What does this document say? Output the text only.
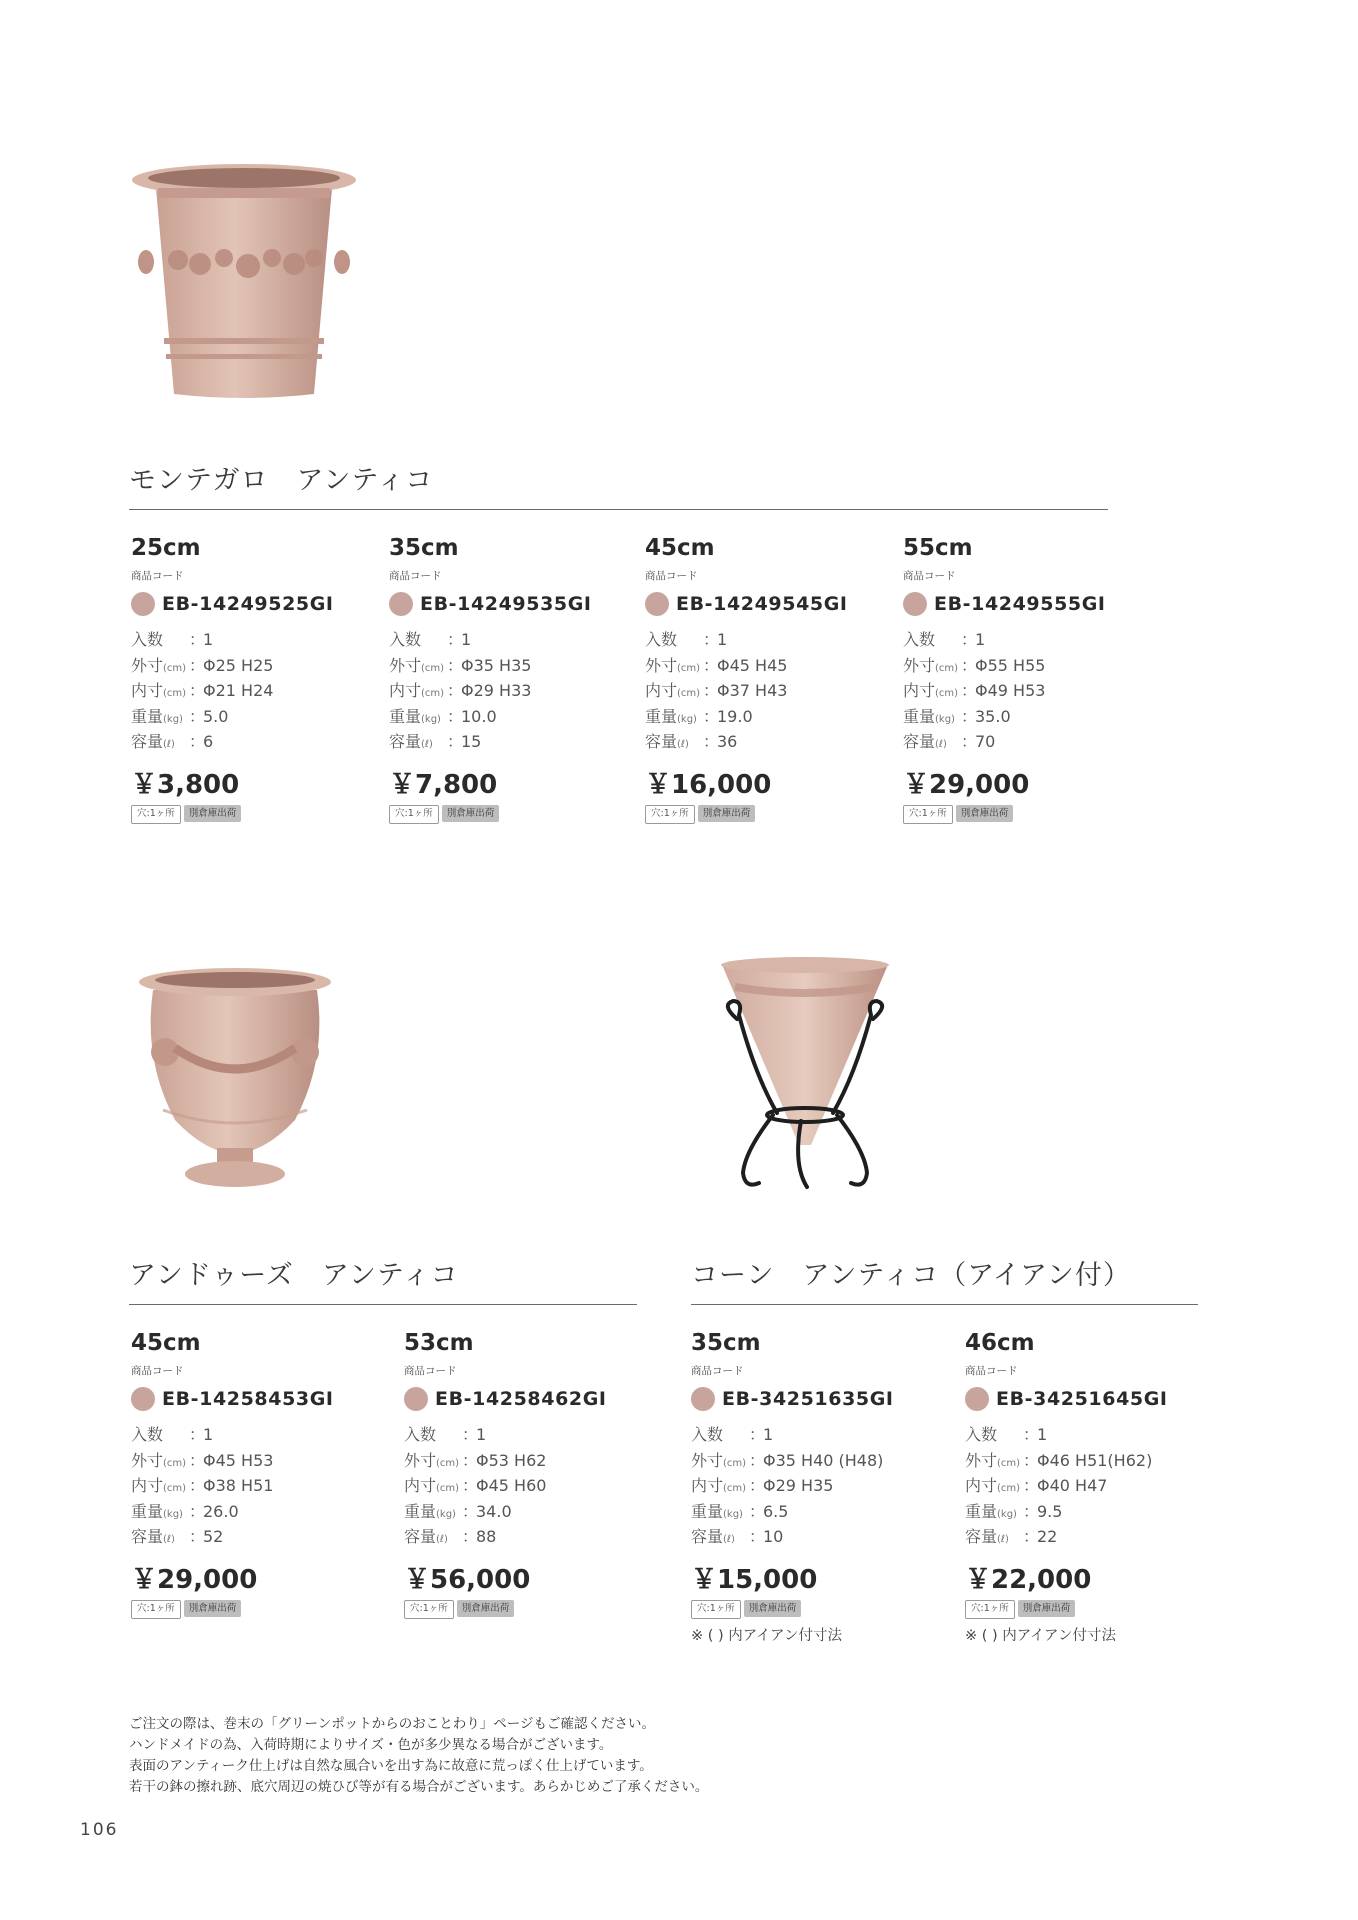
モンテガロ　アンティコ
アンドゥーズ　アンティコ	コーン　アンティコ（アイアン付）
25cm
商品コード
EB-14249525GI
入数	：
1
外寸(cm) ：
Φ25 H25
内寸(cm) ：
Φ21 H24
重量(kg) ：
5.0
容量(ℓ) ：
6
￥3,800
穴:1ヶ所	別倉庫出荷
35cm
商品コード
EB-14249535GI
入数	：
1
外寸(cm) ：
Φ35 H35
内寸(cm) ：
Φ29 H33
重量(kg) ：
10.0
容量(ℓ) ：
15
￥7,800
穴:1ヶ所	別倉庫出荷
45cm
商品コード
EB-14249545GI
入数	：
1
外寸(cm) ：
Φ45 H45
内寸(cm) ：
Φ37 H43
重量(kg) ：
19.0
容量(ℓ) ：
36
￥16,000
穴:1ヶ所	別倉庫出荷
55cm
商品コード
EB-14249555GI
入数	：
1
外寸(cm) ：
Φ55 H55
内寸(cm) ：
Φ49 H53
重量(kg) ：
35.0
容量(ℓ) ：
70
￥29,000
穴:1ヶ所	別倉庫出荷
45cm
商品コード
EB-14258453GI
入数	：
1
外寸(cm) ：
Φ45 H53
内寸(cm) ：
Φ38 H51
重量(kg) ：
26.0
容量(ℓ) ：
52
￥29,000
穴:1ヶ所	別倉庫出荷
53cm
商品コード
EB-14258462GI
入数	：
1
外寸(cm) ：
Φ53 H62
内寸(cm) ：
Φ45 H60
重量(kg) ：
34.0
容量(ℓ) ：
88
￥56,000
穴:1ヶ所	別倉庫出荷
35cm
商品コード
EB-34251635GI
入数	：
1
外寸(cm) ：
Φ35 H40 (H48)
内寸(cm) ：
Φ29 H35
重量(kg) ：
6.5
容量(ℓ) ：
10
￥15,000
穴:1ヶ所	別倉庫出荷
※ ( ) 内アイアン付寸法
46cm
商品コード
EB-34251645GI
入数	：
1
外寸(cm) ：
Φ46 H51(H62)
内寸(cm) ：
Φ40 H47
重量(kg) ：
9.5
容量(ℓ) ：
22
￥22,000
穴:1ヶ所	別倉庫出荷
※ ( ) 内アイアン付寸法
ご注文の際は、巻末の「グリーンポットからのおことわり」ページもご確認ください。
ハンドメイドの為、入荷時期によりサイズ・色が多少異なる場合がございます。
表面のアンティーク仕上げは自然な風合いを出す為に故意に荒っぽく仕上げています。
若干の鉢の擦れ跡、底穴周辺の焼ひび等が有る場合がございます。あらかじめご了承ください。
106
